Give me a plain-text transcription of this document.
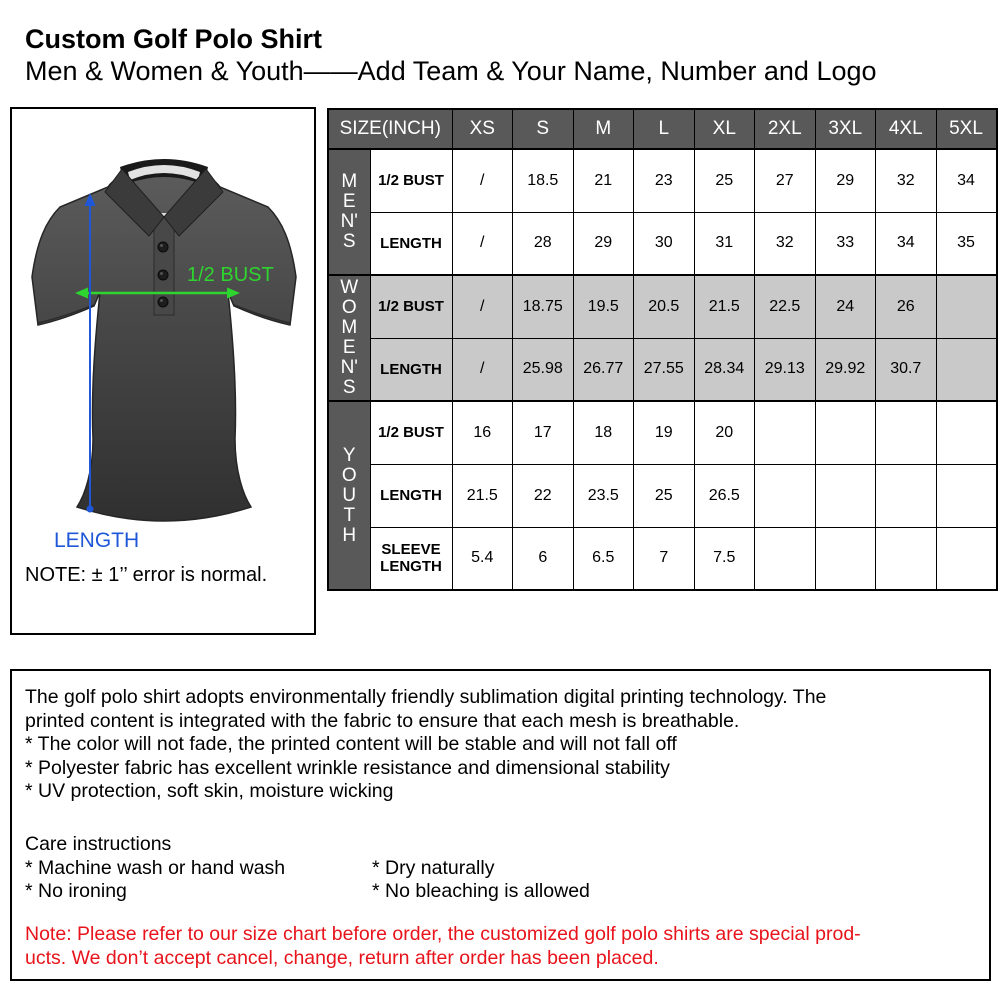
Custom Golf Polo Shirt
Men & Women & Youth——Add Team & Your Name, Number and Logo
1/2 BUST
LENGTH
NOTE: ± 1’’ error is normal.
SIZE(INCH)		XS	S	M	L	XL	2XL	3XL	4XL	5XL

M
E
N'
S	1/2 BUST	/	18.5	21	23	25	27	29	32	34
	LENGTH	/	28	29	30	31	32	33	34	35

W
O
M
E
N'
S
	1/2 BUST	/	18.75	19.5	20.5	21.5	22.5	24	26	
	LENGTH	/	25.98	26.77	27.55	28.34	29.13	29.92	30.7	

Y
O
U
T
H	1/2 BUST	16	17	18	19	20				
	LENGTH	21.5	22	23.5	25	26.5				
	SLEEVE LENGTH	5.4	6	6.5	7	7.5				
The golf polo shirt adopts environmentally friendly sublimation digital printing technology. The
printed content is integrated with the fabric to ensure that each mesh is breathable.
* The color will not fade, the printed content will be stable and will not fall off
* Polyester fabric has excellent wrinkle resistance and dimensional stability
* UV protection, soft skin, moisture wicking
Care instructions
* Machine wash or hand wash	* Dry naturally
* No ironing	* No bleaching is allowed
Note: Please refer to our size chart before order, the customized golf polo shirts are special prod-
ucts. We don’t accept cancel, change, return after order has been placed.
